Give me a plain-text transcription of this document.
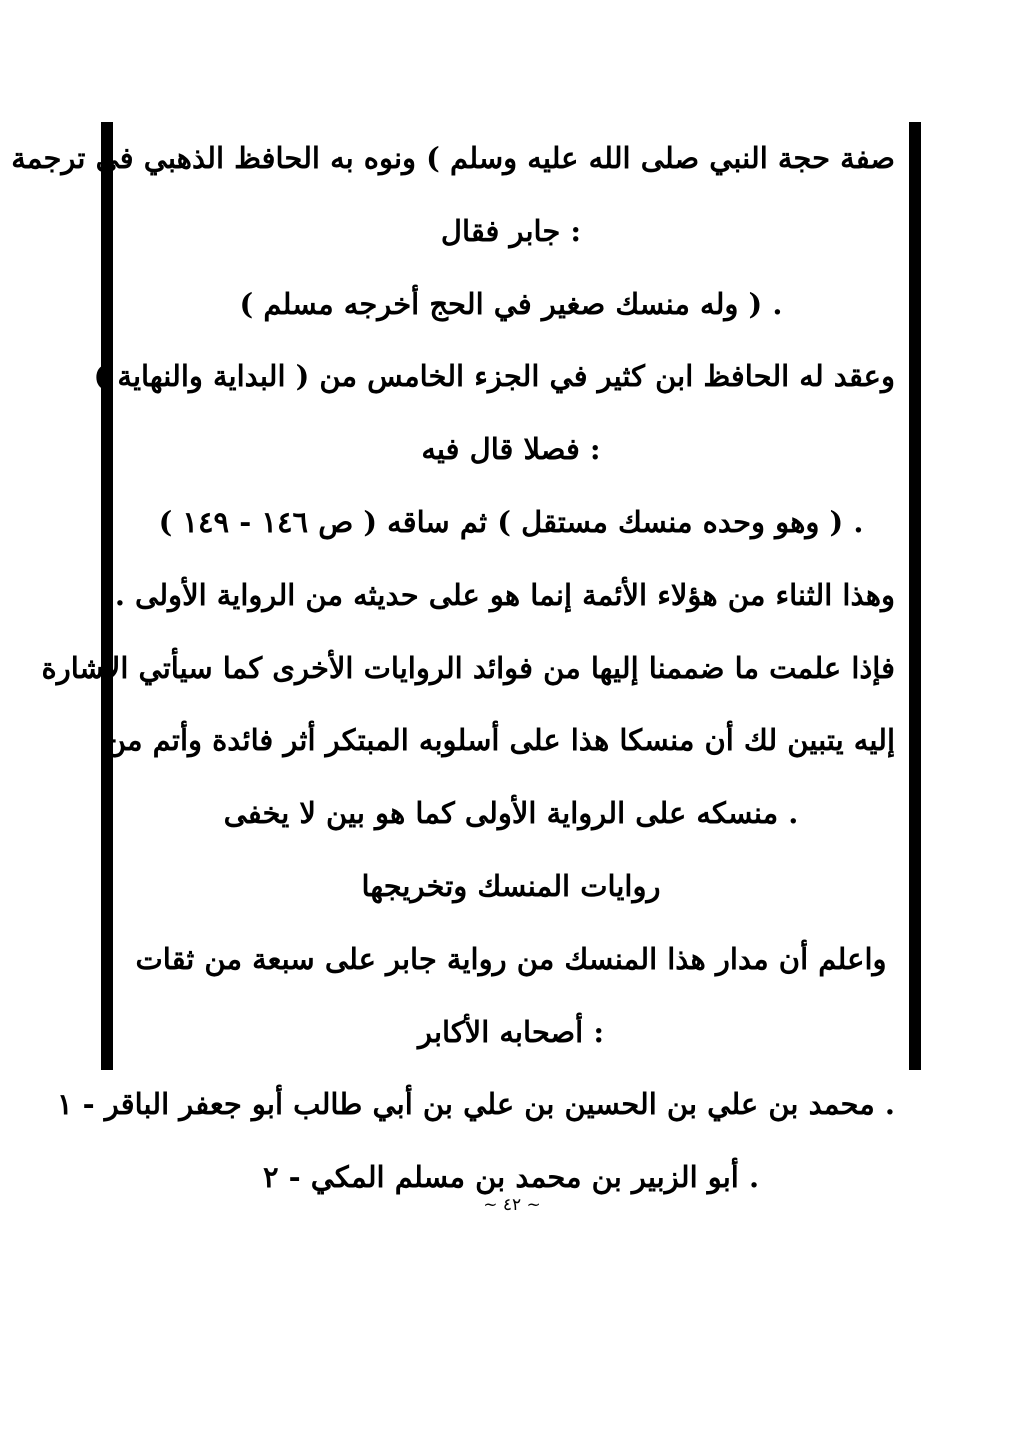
صفة حجة النبي صلى الله عليه وسلم ) ونوه به الحافظ الذهبي في ترجمة
: جابر فقال
. ( وله منسك صغير في الحج أخرجه مسلم )
وعقد له الحافظ ابن كثير في الجزء الخامس من ( البداية والنهاية )
: فصلا قال فيه
. ( وهو وحده منسك مستقل ) ثم ساقه ( ص ١٤٦ - ١٤٩ )
وهذا الثناء من هؤلاء الأئمة إنما هو على حديثه من الرواية الأولى .
فإذا علمت ما ضممنا إليها من فوائد الروايات الأخرى كما سيأتي الإشارة
إليه يتبين لك أن منسكا هذا على أسلوبه المبتكر أثر فائدة وأتم من
. منسكه على الرواية الأولى كما هو بين لا يخفى
روايات المنسك وتخريجها
واعلم أن مدار هذا المنسك من رواية جابر على سبعة من ثقات
: أصحابه الأكابر
. محمد بن علي بن الحسين بن علي بن أبي طالب أبو جعفر الباقر - ١
. أبو الزبير بن محمد بن مسلم المكي - ٢
~ ٤٢ ~
